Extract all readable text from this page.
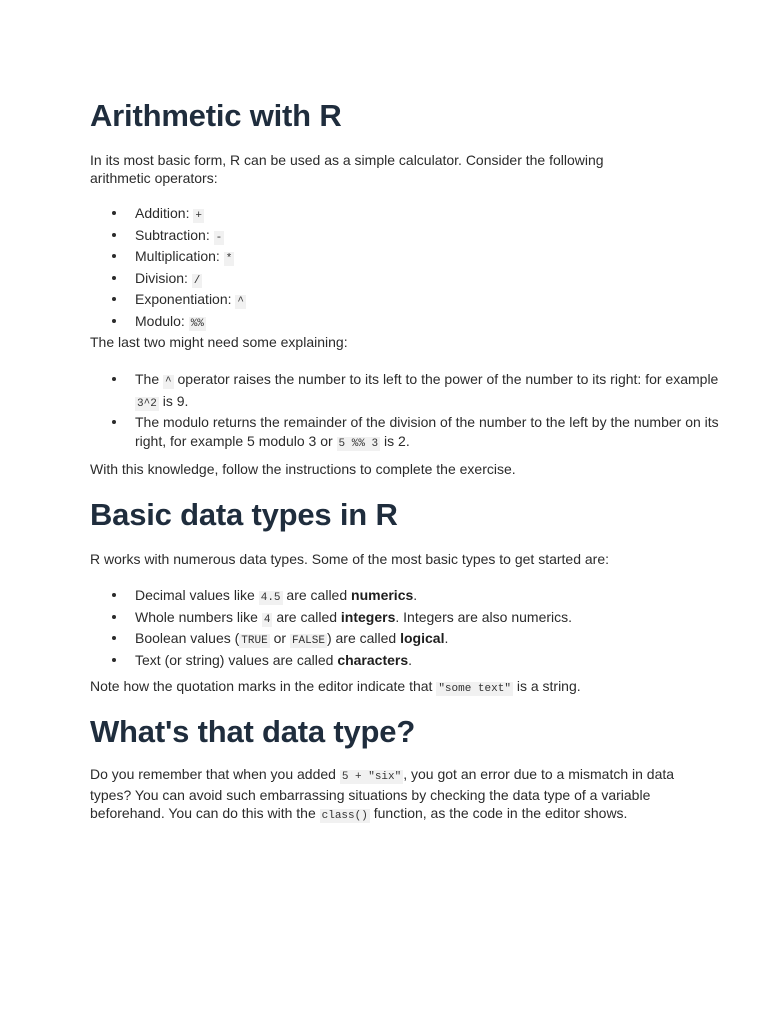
Arithmetic with R

In its most basic form, R can be used as a simple calculator. Consider the following arithmetic operators:

Addition: +
Subtraction: -
Multiplication: *
Division: /
Exponentiation: ^
Modulo: %%

The last two might need some explaining:

The ^ operator raises the number to its left to the power of the number to its right: for example 3^2 is 9.
The modulo returns the remainder of the division of the number to the left by the number on its right, for example 5 modulo 3 or 5 %% 3 is 2.

With this knowledge, follow the instructions to complete the exercise.

Basic data types in R

R works with numerous data types. Some of the most basic types to get started are:

Decimal values like 4.5 are called numerics.
Whole numbers like 4 are called integers. Integers are also numerics.
Boolean values ( TRUE or FALSE ) are called logical.
Text (or string) values are called characters.

Note how the quotation marks in the editor indicate that "some text" is a string.

What's that data type?

Do you remember that when you added 5 + "six" , you got an error due to a mismatch in data types? You can avoid such embarrassing situations by checking the data type of a variable beforehand. You can do this with the class() function, as the code in the editor shows.
